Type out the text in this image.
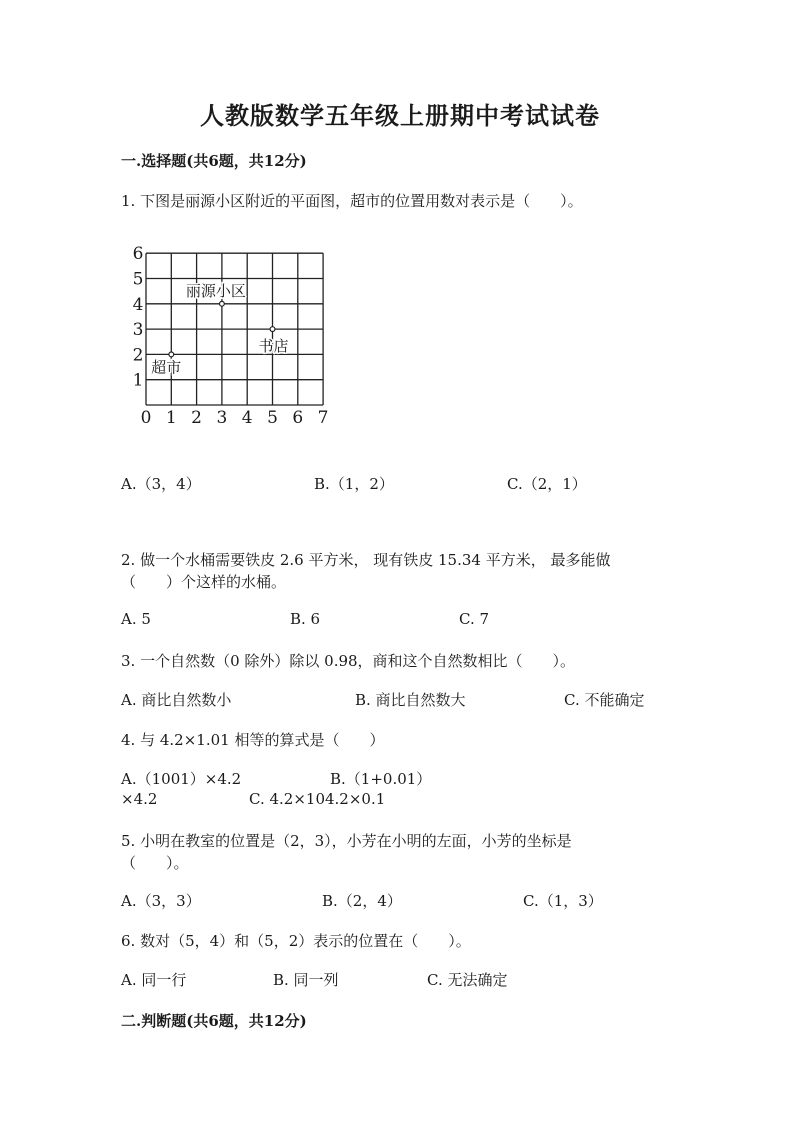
人教版数学五年级上册期中考试试卷
一.选择题(共6题，共12分)
1. 下图是丽源小区附近的平面图，超市的位置用数对表示是（　　）。
0 1 2 3 4 5 6 7
1
2
3
4
5
6
丽源小区
书店
超市
A.（3，4）	B.（1，2）	C.（2，1）
2. 做一个水桶需要铁皮 2.6 平方米， 现有铁皮 15.34 平方米， 最多能做
（　　）个这样的水桶。
A. 5	B. 6	C. 7
3. 一个自然数（0 除外）除以 0.98，商和这个自然数相比（　　）。
A. 商比自然数小	B. 商比自然数大	C. 不能确定
4. 与 4.2×1.01 相等的算式是（　　）
A.（1001）×4.2	B.（1+0.01）
×4.2	C. 4.2×104.2×0.1
5. 小明在教室的位置是（2，3），小芳在小明的左面，小芳的坐标是
（　　）。
A.（3，3）	B.（2，4）	C.（1，3）
6. 数对（5，4）和（5，2）表示的位置在（　　）。
A. 同一行	B. 同一列	C. 无法确定
二.判断题(共6题，共12分)
